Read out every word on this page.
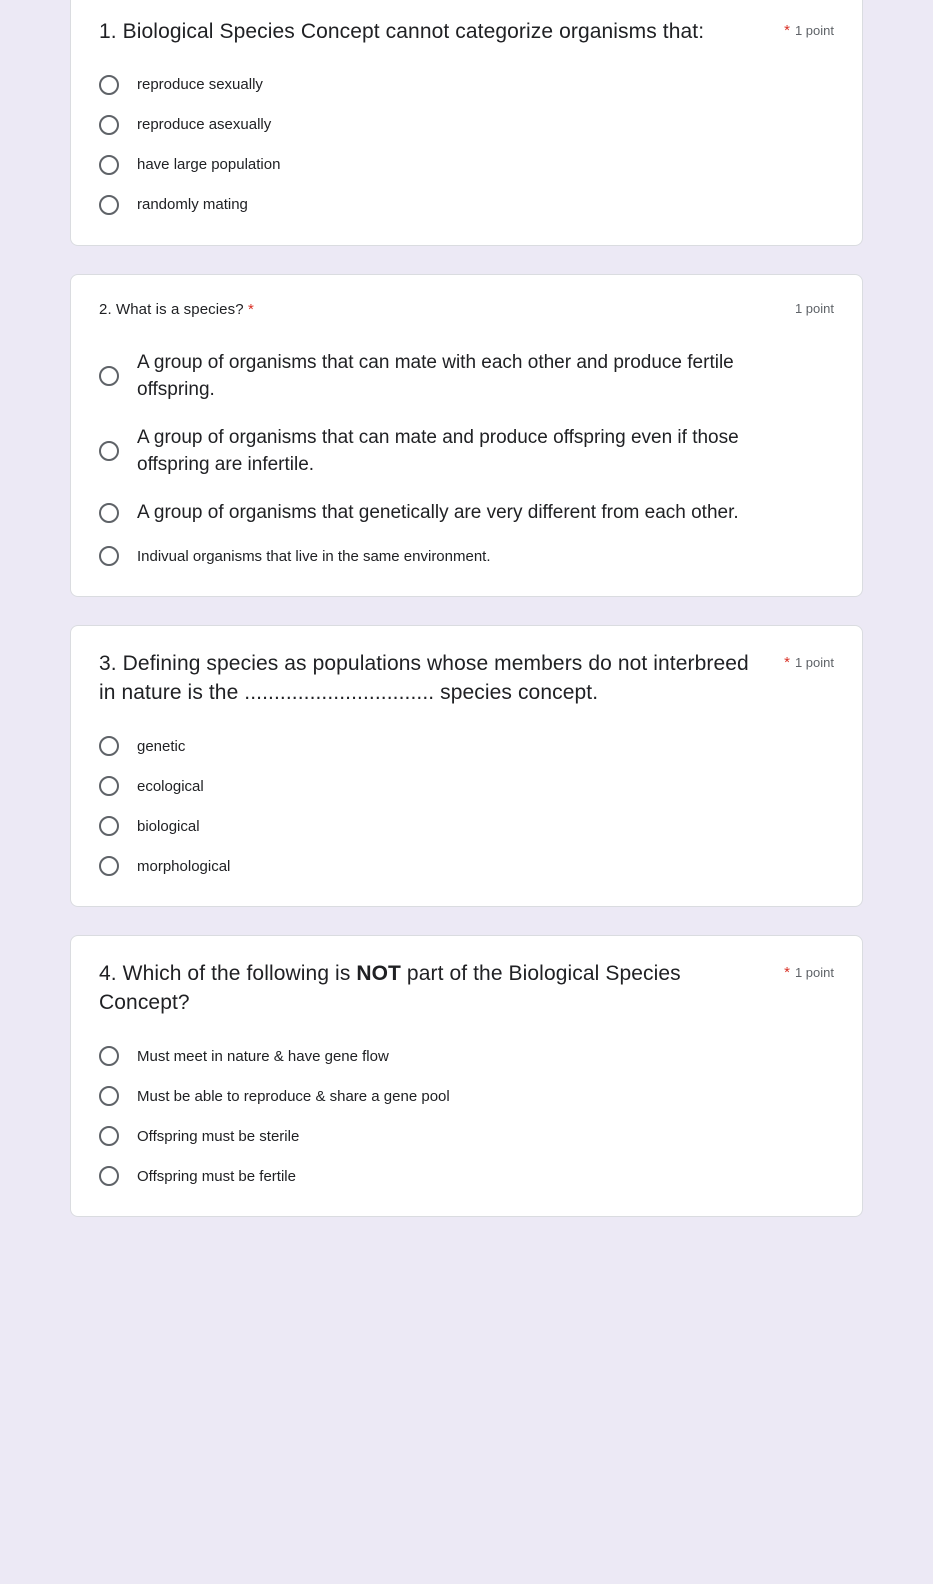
1. Biological Species Concept cannot categorize organisms that:	* 1 point
reproduce sexually
reproduce asexually
have large population
randomly mating
2. What is a species? *	1 point
A group of organisms that can mate with each other and produce fertile offspring.
A group of organisms that can mate and produce offspring even if those offspring are infertile.
A group of organisms that genetically are very different from each other.
Indivual organisms that live in the same environment.
3. Defining species as populations whose members do not interbreed in nature is the ................................ species concept.
* 1 point
genetic
ecological
biological
morphological
4. Which of the following is NOT part of the Biological Species Concept?
* 1 point
Must meet in nature & have gene flow
Must be able to reproduce & share a gene pool
Offspring must be sterile
Offspring must be fertile
